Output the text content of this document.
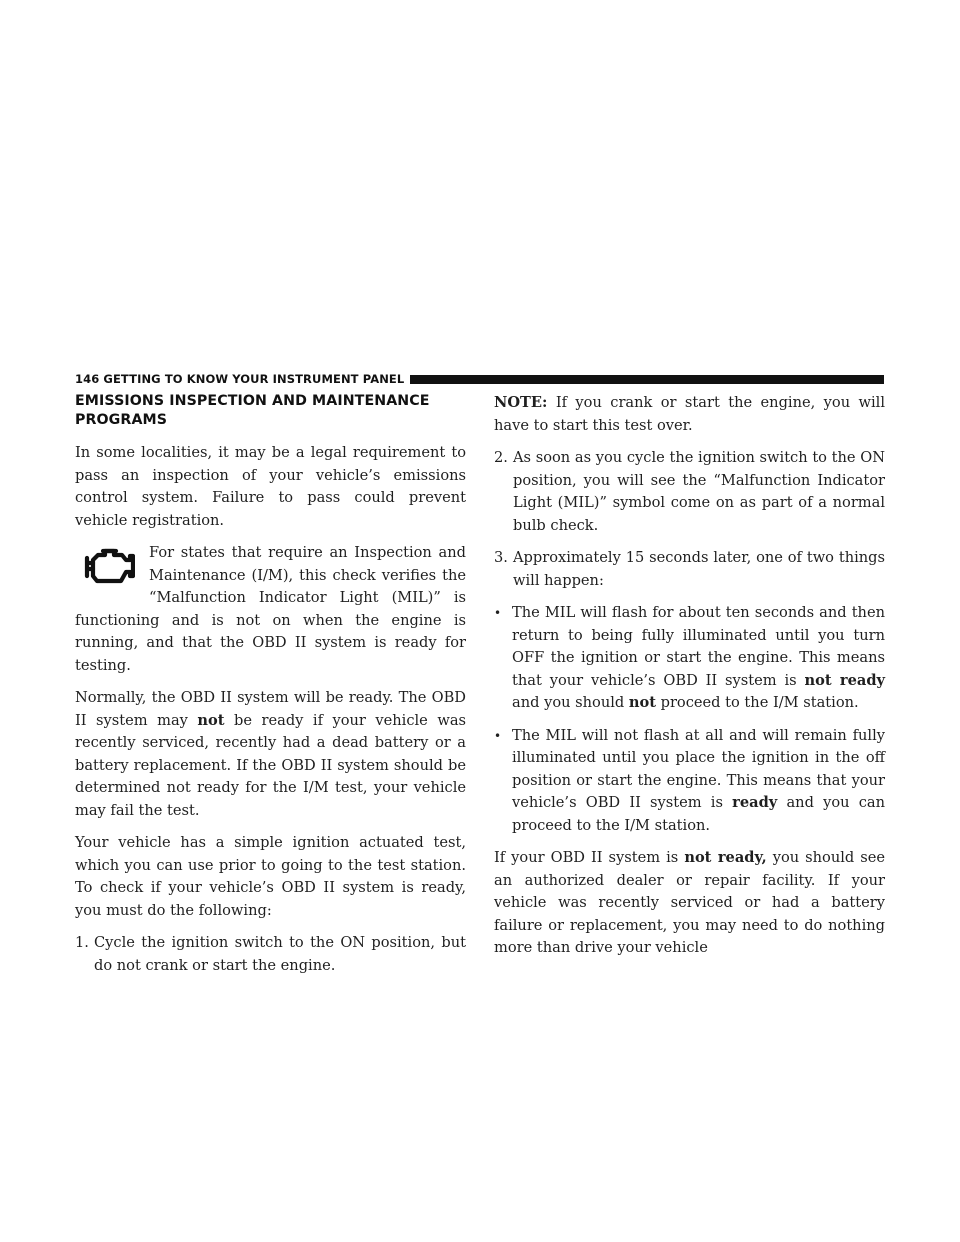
146 GETTING TO KNOW YOUR INSTRUMENT PANEL
EMISSIONS INSPECTION AND MAINTENANCE PROGRAMS

In some localities, it may be a legal requirement to pass an inspection of your vehicle’s emissions control system. Failure to pass could prevent vehicle registration.

For states that require an Inspection and Maintenance (I/M), this check verifies the “Malfunction Indicator Light (MIL)” is functioning and is not on when the engine is running, and that the OBD II system is ready for testing.

Normally, the OBD II system will be ready. The OBD II system may not be ready if your vehicle was recently serviced, recently had a dead battery or a battery replacement. If the OBD II system should be determined not ready for the I/M test, your vehicle may fail the test.

Your vehicle has a simple ignition actuated test, which you can use prior to going to the test station. To check if your vehicle’s OBD II system is ready, you must do the following:

1. Cycle the ignition switch to the ON position, but do not crank or start the engine.

NOTE: If you crank or start the engine, you will have to start this test over.

2. As soon as you cycle the ignition switch to the ON position, you will see the “Malfunction Indicator Light (MIL)” symbol come on as part of a normal bulb check.
3. Approximately 15 seconds later, one of two things will happen:
• The MIL will flash for about ten seconds and then return to being fully illuminated until you turn OFF the ignition or start the engine. This means that your vehicle’s OBD II system is not ready and you should not proceed to the I/M station.
• The MIL will not flash at all and will remain fully illuminated until you place the ignition in the off position or start the engine. This means that your vehicle’s OBD II system is ready and you can proceed to the I/M station.

If your OBD II system is not ready, you should see an authorized dealer or repair facility. If your vehicle was recently serviced or had a battery failure or replacement, you may need to do nothing more than drive your vehicle
